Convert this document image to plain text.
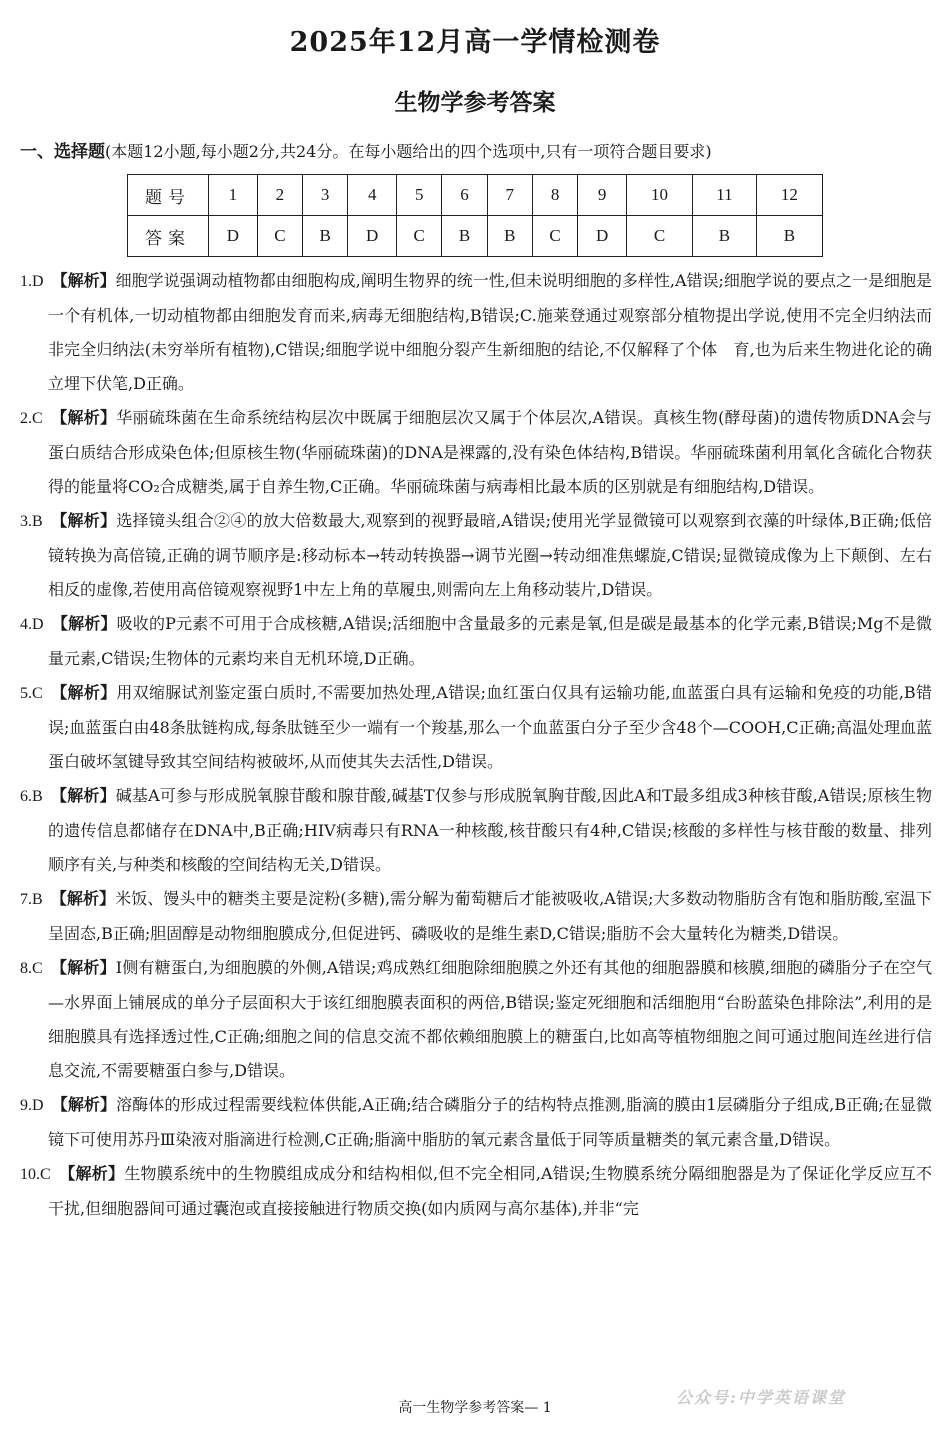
2025年12月高一学情检测卷
生物学参考答案
一、选择题(本题12小题,每小题2分,共24分。在每小题给出的四个选项中,只有一项符合题目要求)
题号	1	2	3	4	5	6	7	8	9	10	11	12
答案	D	C	B	D	C	B	B	C	D	C	B	B

1.D　 【解析】细胞学说强调动植物都由细胞构成,阐明生物界的统一性,但未说明细胞的多样性,A错误;细胞学说的要点之一是细胞是一个有机体,一切动植物都由细胞发育而来,病毒无细胞结构,B错误;C.施莱登通过观察部分植物提出学说,使用不完全归纳法而非完全归纳法(未穷举所有植物),C错误;细胞学说中细胞分裂产生新细胞的结论,不仅解释了个体　育,也为后来生物进化论的确立埋下伏笔,D正确。

2.C　 【解析】华丽硫珠菌在生命系统结构层次中既属于细胞层次又属于个体层次,A错误。真核生物(酵母菌)的遗传物质DNA会与蛋白质结合形成染色体;但原核生物(华丽硫珠菌)的DNA是裸露的,没有染色体结构,B错误。华丽硫珠菌利用氧化含硫化合物获得的能量将CO₂合成糖类,属于自养生物,C正确。华丽硫珠菌与病毒相比最本质的区别就是有细胞结构,D错误。

3.B　 【解析】选择镜头组合②④的放大倍数最大,观察到的视野最暗,A错误;使用光学显微镜可以观察到衣藻的叶绿体,B正确;低倍镜转换为高倍镜,正确的调节顺序是:移动标本→转动转换器→调节光圈→转动细准焦螺旋,C错误;显微镜成像为上下颠倒、左右相反的虚像,若使用高倍镜观察视野1中左上角的草履虫,则需向左上角移动装片,D错误。

4.D　 【解析】吸收的P元素不可用于合成核糖,A错误;活细胞中含量最多的元素是氧,但是碳是最基本的化学元素,B错误;Mg不是微量元素,C错误;生物体的元素均来自无机环境,D正确。

5.C　 【解析】用双缩脲试剂鉴定蛋白质时,不需要加热处理,A错误;血红蛋白仅具有运输功能,血蓝蛋白具有运输和免疫的功能,B错误;血蓝蛋白由48条肽链构成,每条肽链至少一端有一个羧基,那么一个血蓝蛋白分子至少含48个—COOH,C正确;高温处理血蓝蛋白破坏氢键导致其空间结构被破坏,从而使其失去活性,D错误。

6.B　 【解析】碱基A可参与形成脱氧腺苷酸和腺苷酸,碱基T仅参与形成脱氧胸苷酸,因此A和T最多组成3种核苷酸,A错误;原核生物的遗传信息都储存在DNA中,B正确;HIV病毒只有RNA一种核酸,核苷酸只有4种,C错误;核酸的多样性与核苷酸的数量、排列顺序有关,与种类和核酸的空间结构无关,D错误。

7.B　 【解析】米饭、馒头中的糖类主要是淀粉(多糖),需分解为葡萄糖后才能被吸收,A错误;大多数动物脂肪含有饱和脂肪酸,室温下呈固态,B正确;胆固醇是动物细胞膜成分,但促进钙、磷吸收的是维生素D,C错误;脂肪不会大量转化为糖类,D错误。

8.C　 【解析】Ⅰ侧有糖蛋白,为细胞膜的外侧,A错误;鸡成熟红细胞除细胞膜之外还有其他的细胞器膜和核膜,细胞的磷脂分子在空气—水界面上铺展成的单分子层面积大于该红细胞膜表面积的两倍,B错误;鉴定死细胞和活细胞用“台盼蓝染色排除法”,利用的是细胞膜具有选择透过性,C正确;细胞之间的信息交流不都依赖细胞膜上的糖蛋白,比如高等植物细胞之间可通过胞间连丝进行信息交流,不需要糖蛋白参与,D错误。

9.D　 【解析】溶酶体的形成过程需要线粒体供能,A正确;结合磷脂分子的结构特点推测,脂滴的膜由1层磷脂分子组成,B正确;在显微镜下可使用苏丹Ⅲ染液对脂滴进行检测,C正确;脂滴中脂肪的氧元素含量低于同等质量糖类的氧元素含量,D错误。

10.C　 【解析】生物膜系统中的生物膜组成成分和结构相似,但不完全相同,A错误;生物膜系统分隔细胞器是为了保证化学反应互不干扰,但细胞器间可通过囊泡或直接接触进行物质交换(如内质网与高尔基体),并非“完

高一生物学参考答案— 1
公众号:中学英语课堂
